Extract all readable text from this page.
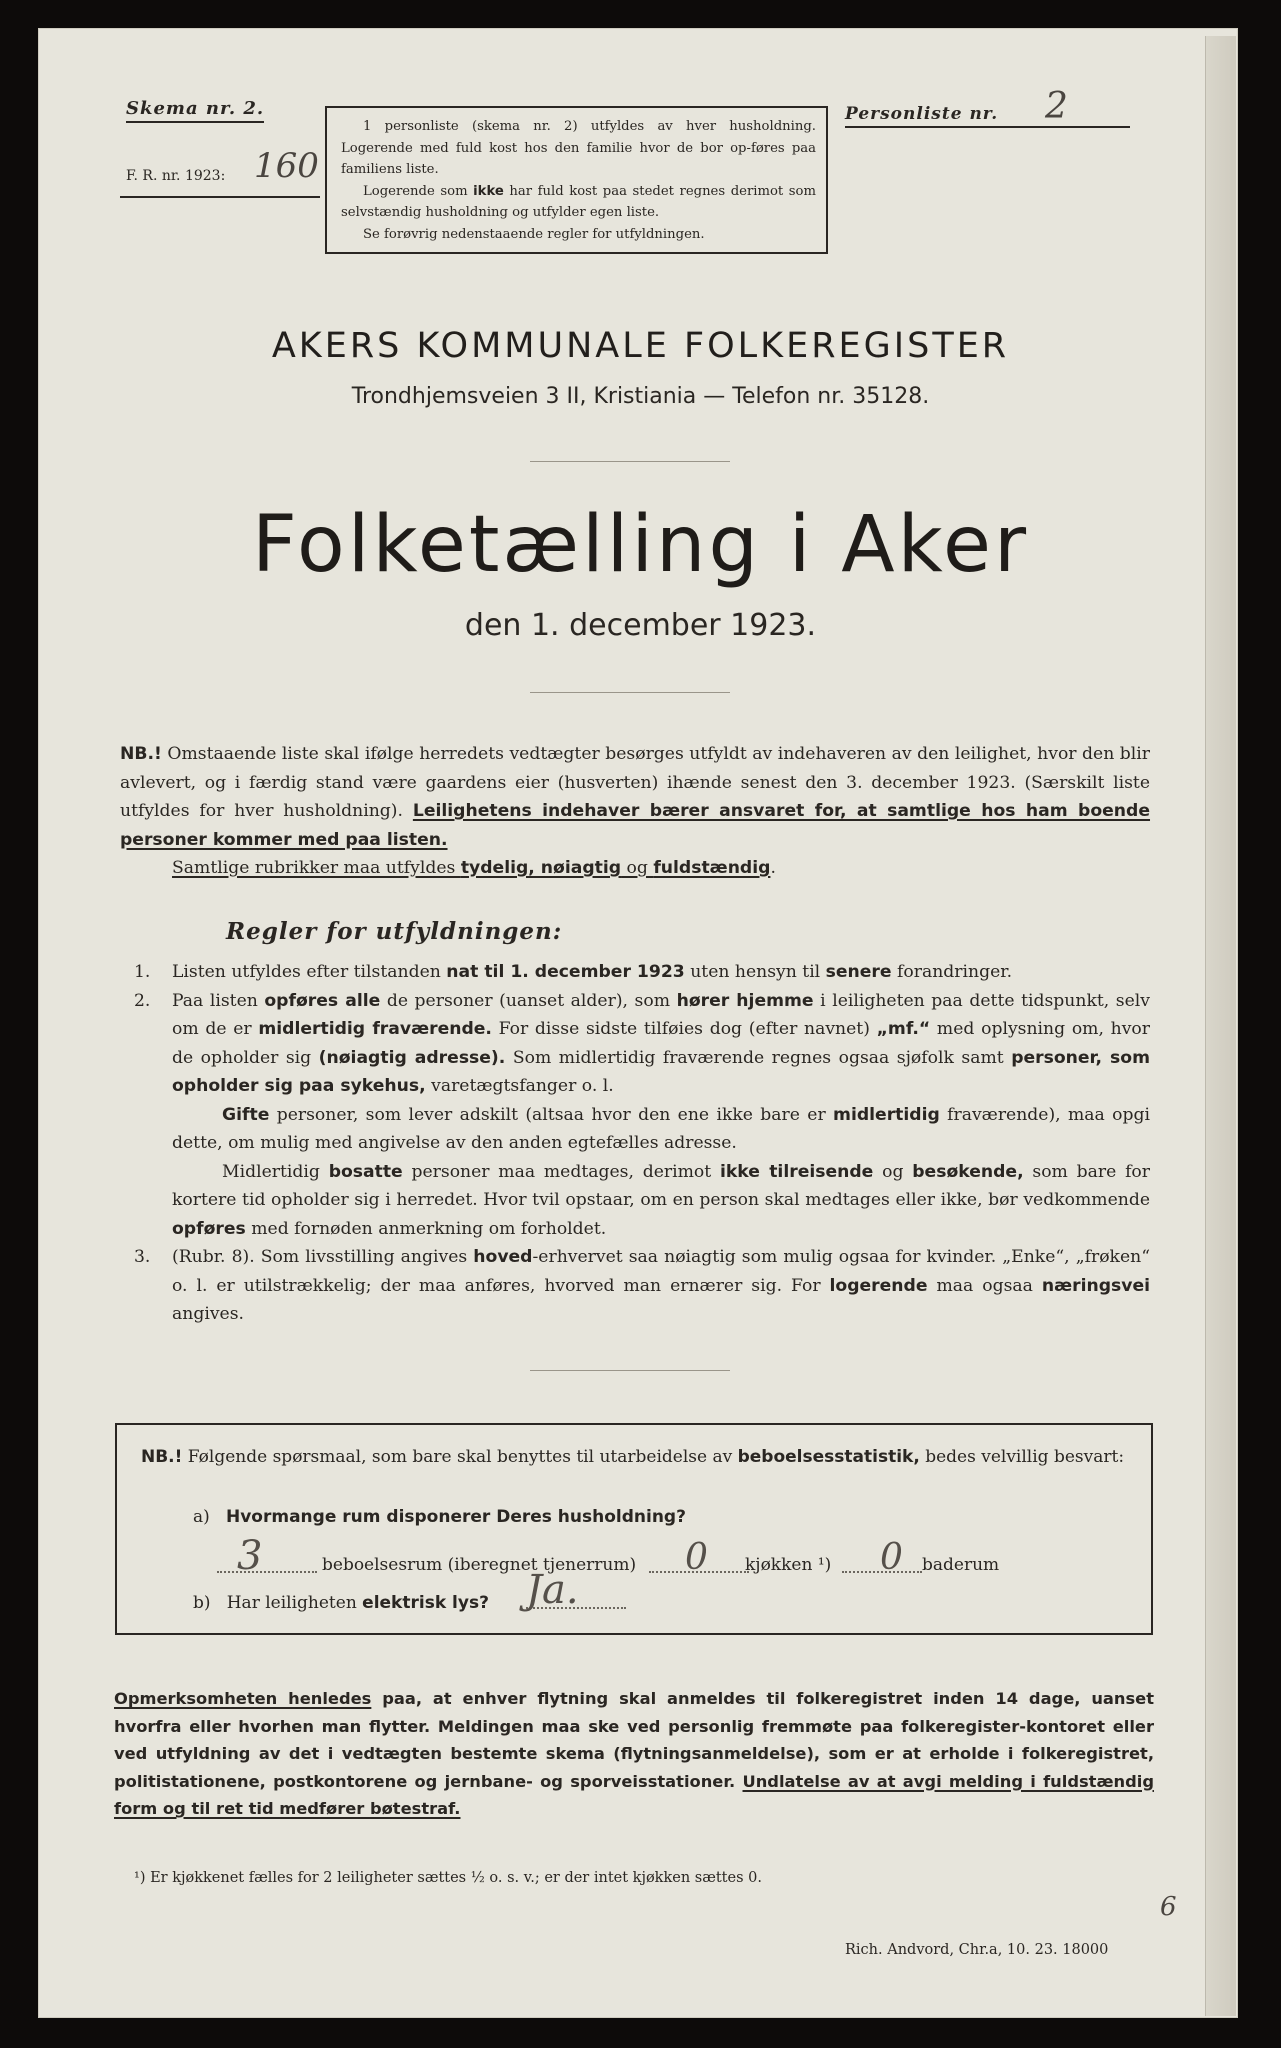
Skema nr. 2.
F. R. nr. 1923: 160

1 personliste (skema nr. 2) utfyldes av hver husholdning. Logerende med fuld kost hos den familie hvor de bor op-føres paa familiens liste.

Logerende som ikke har fuld kost paa stedet regnes derimot som selvstændig husholdning og utfylder egen liste.

Se forøvrig nedenstaaende regler for utfyldningen.

Personliste nr.	2
AKERS KOMMUNALE FOLKEREGISTER
Trondhjemsveien 3 II, Kristiania — Telefon nr. 35128.
Folketælling i Aker
den 1. december 1923.

NB.! Omstaaende liste skal ifølge herredets vedtægter besørges utfyldt av indehaveren av den leilighet, hvor den blir avlevert, og i færdig stand være gaardens eier (husverten) ihænde senest den 3. december 1923. (Særskilt liste utfyldes for hver husholdning). Leilighetens indehaver bærer ansvaret for, at samtlige hos ham boende personer kommer med paa listen.

Samtlige rubrikker maa utfyldes tydelig, nøiagtig og fuldstændig.

Regler for utfyldningen:

1. Listen utfyldes efter tilstanden nat til 1. december 1923 uten hensyn til senere forandringer.

2. Paa listen opføres alle de personer (uanset alder), som hører hjemme i leiligheten paa dette tidspunkt, selv om de er midlertidig fraværende. For disse sidste tilføies dog (efter navnet) „mf.“ med oplysning om, hvor de opholder sig (nøiagtig adresse). Som midlertidig fraværende regnes ogsaa sjøfolk samt personer, som opholder sig paa sykehus, varetægtsfanger o. l.

Gifte personer, som lever adskilt (altsaa hvor den ene ikke bare er midlertidig fraværende), maa opgi dette, om mulig med angivelse av den anden egtefælles adresse.

Midlertidig bosatte personer maa medtages, derimot ikke tilreisende og besøkende, som bare for kortere tid opholder sig i herredet. Hvor tvil opstaar, om en person skal medtages eller ikke, bør vedkommende opføres med fornøden anmerkning om forholdet.

3. (Rubr. 8). Som livsstilling angives hoved-erhvervet saa nøiagtig som mulig ogsaa for kvinder. „Enke“, „frøken“ o. l. er utilstrækkelig; der maa anføres, hvorved man ernærer sig. For logerende maa ogsaa næringsvei angives.

NB.! Følgende spørsmaal, som bare skal benyttes til utarbeidelse av beboelsesstatistik, bedes velvillig besvart:
a) Hvormange rum disponerer Deres husholdning?
3	beboelsesrum (iberegnet tjenerrum) 0 kjøkken ¹) 0 baderum
b) Har leiligheten elektrisk lys? Ja.

Opmerksomheten henledes paa, at enhver flytning skal anmeldes til folkeregistret inden 14 dage, uanset hvorfra eller hvorhen man flytter. Meldingen maa ske ved personlig fremmøte paa folkeregister-kontoret eller ved utfyldning av det i vedtægten bestemte skema (flytningsanmeldelse), som er at erholde i folkeregistret, politistationene, postkontorene og jernbane- og sporveisstationer. Undlatelse av at avgi melding i fuldstændig form og til ret tid medfører bøtestraf.

¹) Er kjøkkenet fælles for 2 leiligheter sættes ½ o. s. v.; er der intet kjøkken sættes 0.
Rich. Andvord, Chr.a, 10. 23. 18000
6
